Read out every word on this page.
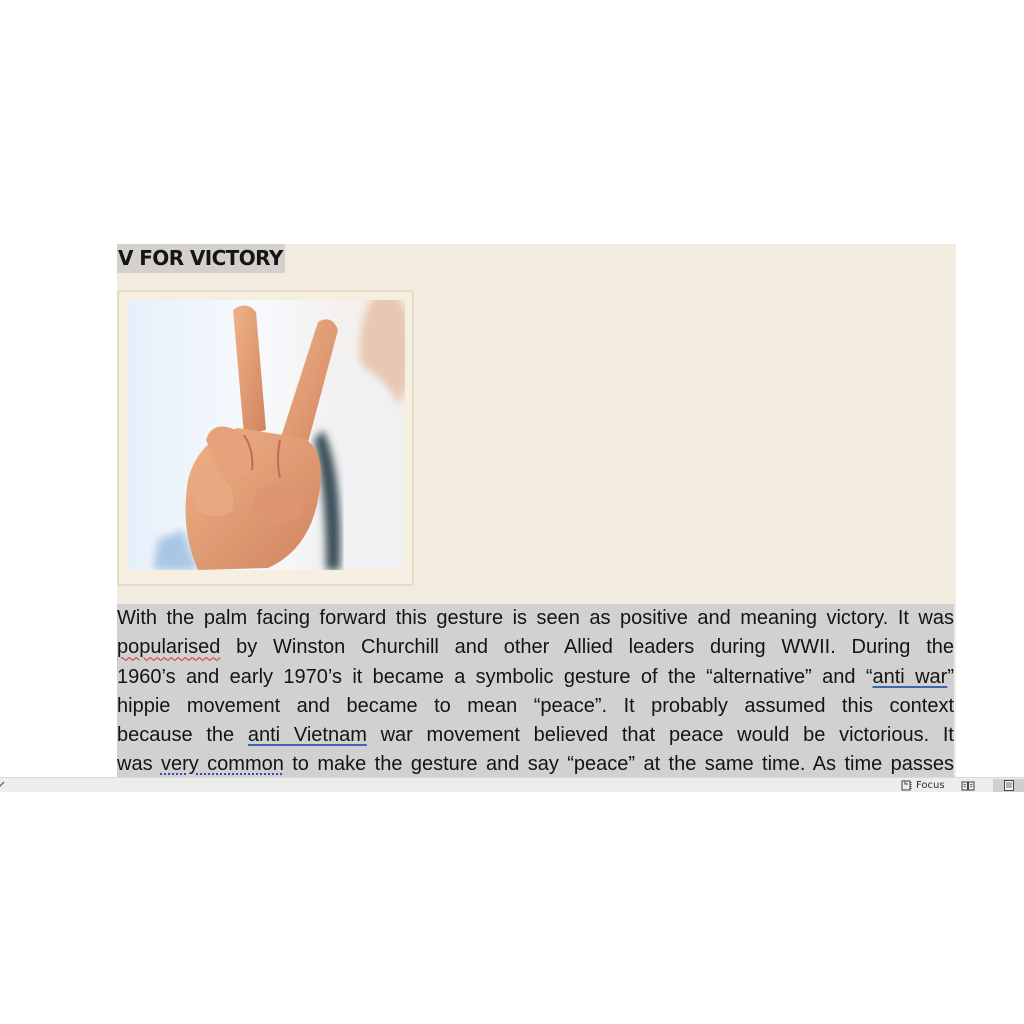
V FOR VICTORY
With the palm facing forward this gesture is seen as positive and meaning victory. It was
popularised by Winston Churchill and other Allied leaders during WWII. During the
1960’s and early 1970’s it became a symbolic gesture of the “alternative” and “anti war”
hippie movement and became to mean “peace”. It probably assumed this context
because the anti Vietnam war movement believed that peace would be victorious. It
was very common to make the gesture and say “peace” at the same time. As time passes
Focus
